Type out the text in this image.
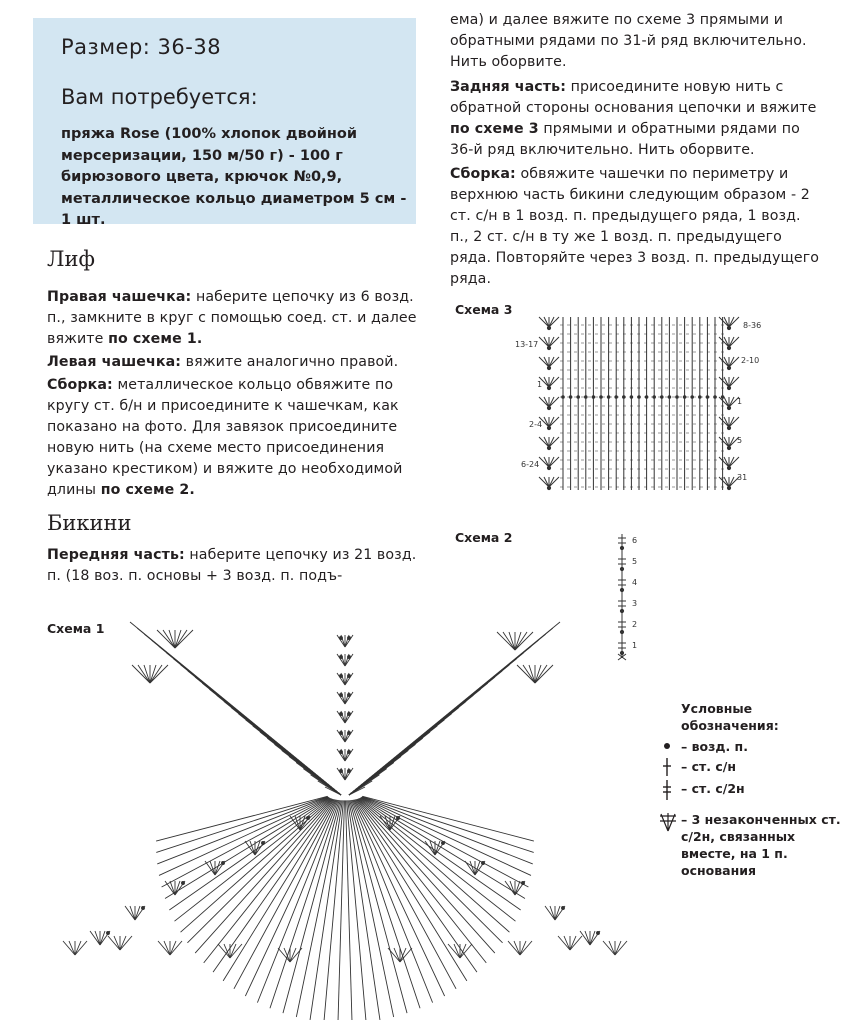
Размер: 36-38
Вам потребуется:
пряжа Rose (100% хлопок двойной мерсеризации, 150 м/50 г) - 100 г бирюзового цвета, крючок №0,9, металлическое кольцо диаметром 5 см - 1 шт.
Лиф
Правая чашечка: наберите цепочку из 6 возд. п., замкните в круг с помощью соед. ст. и далее вяжите по схеме 1.
Левая чашечка: вяжите аналогично правой.
Сборка: металлическое кольцо обвяжите по кругу ст. б/н и присоедините к чашечкам, как показано на фото. Для завязок присоедините новую нить (на схеме место присоединения указано крестиком) и вяжите до необходимой длины по схеме 2.
Бикини
Передняя часть: наберите цепочку из 21 возд. п. (18 воз. п. основы + 3 возд. п. подъ-
ема) и далее вяжите по схеме 3 прямыми и обратными рядами по 31-й ряд включительно. Нить оборвите.
Задняя часть: присоедините новую нить с обратной стороны основания цепочки и вяжите по схеме 3 прямыми и обратными рядами по 36-й ряд включительно. Нить оборвите.
Сборка: обвяжите чашечки по периметру и верхнюю часть бикини следующим образом - 2 ст. с/н в 1 возд. п. предыдущего ряда, 1 возд. п., 2 ст. с/н в ту же 1 возд. п. предыдущего ряда. Повторяйте через 3 возд. п. предыдущего ряда.
Схема 3
Схема 2
Схема 1
13-17
1
2-4
6-24
8-36
2-10
1
5
31
6
5
4
3
2
1
Условные обозначения:
– возд. п.
– ст. с/н
– ст. с/2н
– 3 незаконченных ст. с/2н, связанных вместе, на 1 п. основания
